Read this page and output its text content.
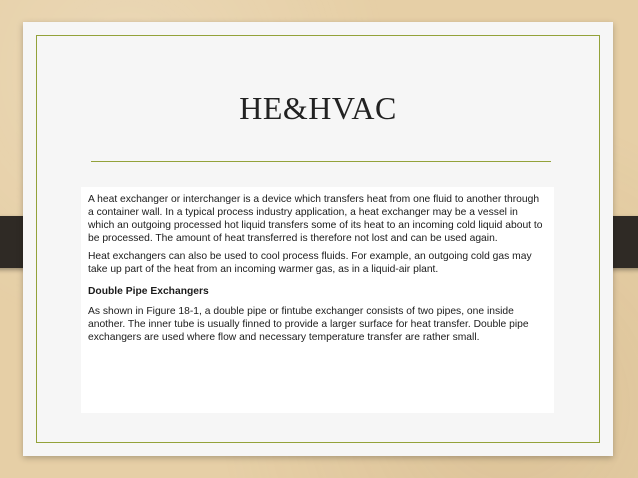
HE&HVAC

A heat exchanger or interchanger is a device which transfers heat from one fluid to another through a container wall. In a typical process industry application, a heat exchanger may be a vessel in which an outgoing processed hot liquid transfers some of its heat to an incoming cold liquid about to be processed. The amount of heat transferred is therefore not lost and can be used again.

Heat exchangers can also be used to cool process fluids. For example, an outgoing cold gas may take up part of the heat from an incoming warmer gas, as in a liquid-air plant.

Double Pipe Exchangers

As shown in Figure 18-1, a double pipe or fintube exchanger consists of two pipes, one inside another. The inner tube is usually finned to provide a larger surface for heat transfer. Double pipe exchangers are used where flow and necessary temperature transfer are rather small.
